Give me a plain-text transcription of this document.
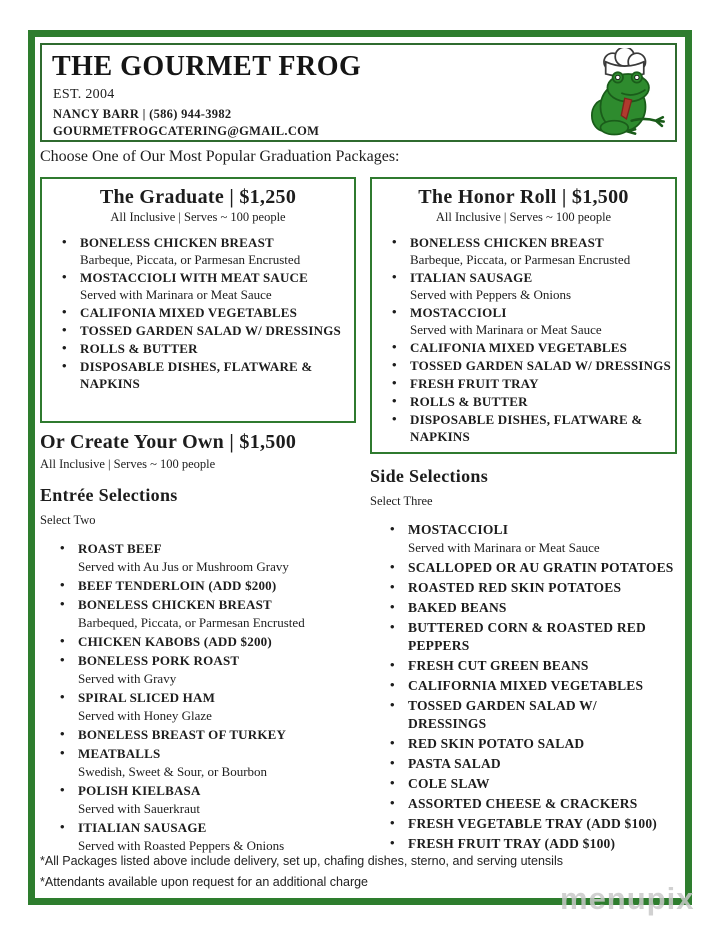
THE GOURMET FROG
EST. 2004
NANCY BARR | (586) 944-3982
GOURMETFROGCATERING@GMAIL.COM
Choose One of Our Most Popular Graduation Packages:
The Graduate | $1,250
All Inclusive | Serves ~ 100 people
• BONELESS CHICKEN BREAST
Barbeque, Piccata, or Parmesan Encrusted
• MOSTACCIOLI WITH MEAT SAUCE
Served with Marinara or Meat Sauce
• CALIFONIA MIXED VEGETABLES
• TOSSED GARDEN SALAD W/ DRESSINGS
• ROLLS & BUTTER
• DISPOSABLE DISHES, FLATWARE & NAPKINS
The Honor Roll | $1,500
All Inclusive | Serves ~ 100 people
• BONELESS CHICKEN BREAST
Barbeque, Piccata, or Parmesan Encrusted
• ITALIAN SAUSAGE
Served with Peppers & Onions
• MOSTACCIOLI
Served with Marinara or Meat Sauce
• CALIFONIA MIXED VEGETABLES
• TOSSED GARDEN SALAD W/ DRESSINGS
• FRESH FRUIT TRAY
• ROLLS & BUTTER
• DISPOSABLE DISHES, FLATWARE & NAPKINS
Or Create Your Own | $1,500
All Inclusive | Serves ~ 100 people
Entrée Selections
Select Two
• ROAST BEEF
Served with Au Jus or Mushroom Gravy
• BEEF TENDERLOIN (ADD $200)
• BONELESS CHICKEN BREAST
Barbequed, Piccata, or Parmesan Encrusted
• CHICKEN KABOBS (ADD $200)
• BONELESS PORK ROAST
Served with Gravy
• SPIRAL SLICED HAM
Served with Honey Glaze
• BONELESS BREAST OF TURKEY
• MEATBALLS
Swedish, Sweet & Sour, or Bourbon
• POLISH KIELBASA
Served with Sauerkraut
• ITIALIAN SAUSAGE
Served with Roasted Peppers & Onions
Side Selections
Select Three
• MOSTACCIOLI
Served with Marinara or Meat Sauce
• SCALLOPED OR AU GRATIN POTATOES
• ROASTED RED SKIN POTATOES
• BAKED BEANS
• BUTTERED CORN & ROASTED RED PEPPERS
• FRESH CUT GREEN BEANS
• CALIFORNIA MIXED VEGETABLES
• TOSSED GARDEN SALAD W/ DRESSINGS
• RED SKIN POTATO SALAD
• PASTA SALAD
• COLE SLAW
• ASSORTED CHEESE & CRACKERS
• FRESH VEGETABLE TRAY (ADD $100)
• FRESH FRUIT TRAY (ADD $100)
*All Packages listed above include delivery, set up, chafing dishes, sterno, and serving utensils
*Attendants available upon request for an additional charge	menupix
